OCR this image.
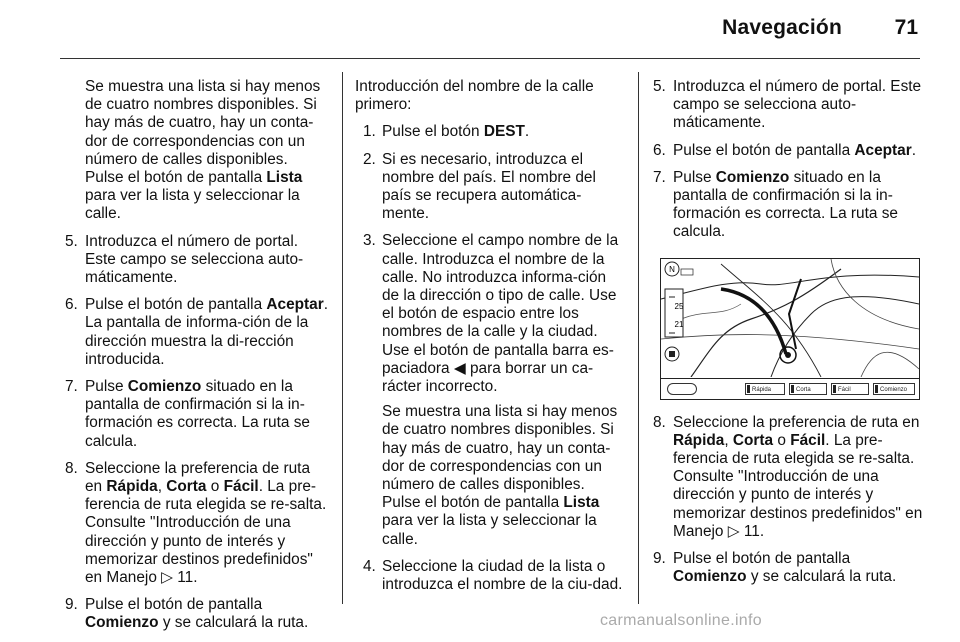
Navegación	71
Se muestra una lista si hay menos de cuatro nombres disponibles. Si hay más de cuatro, hay un conta-dor de correspondencias con un número de calles disponibles. Pulse el botón de pantalla Lista para ver la lista y seleccionar la calle.
5. Introduzca el número de portal. Este campo se selecciona auto-máticamente.
6. Pulse el botón de pantalla Aceptar. La pantalla de informa-ción de la dirección muestra la di-rección introducida.
7. Pulse Comienzo situado en la pantalla de confirmación si la in-formación es correcta. La ruta se calcula.
8. Seleccione la preferencia de ruta en Rápida, Corta o Fácil. La pre-ferencia de ruta elegida se re-salta. Consulte "Introducción de una dirección y punto de interés y memorizar destinos predefinidos" en Manejo ▷ 11.
9. Pulse el botón de pantalla Comienzo y se calculará la ruta.
Introducción del nombre de la calle primero:
1. Pulse el botón DEST.
2. Si es necesario, introduzca el nombre del país. El nombre del país se recupera automática-mente.
3. Seleccione el campo nombre de la calle. Introduzca el nombre de la calle. No introduzca informa-ción de la dirección o tipo de calle. Use el botón de espacio entre los nombres de la calle y la ciudad. Use el botón de pantalla barra es-paciadora ◀ para borrar un ca-rácter incorrecto.
Se muestra una lista si hay menos de cuatro nombres disponibles. Si hay más de cuatro, hay un conta-dor de correspondencias con un número de calles disponibles. Pulse el botón de pantalla Lista para ver la lista y seleccionar la calle.
4. Seleccione la ciudad de la lista o introduzca el nombre de la ciu-dad.
5. Introduzca el número de portal. Este campo se selecciona auto-máticamente.
6. Pulse el botón de pantalla Aceptar.
7. Pulse Comienzo situado en la pantalla de confirmación si la in-formación es correcta. La ruta se calcula.
N
25
21
Rápida	Corta	Fácil	Comienzo
8. Seleccione la preferencia de ruta en Rápida, Corta o Fácil. La pre-ferencia de ruta elegida se re-salta. Consulte "Introducción de una dirección y punto de interés y memorizar destinos predefinidos" en Manejo ▷ 11.
9. Pulse el botón de pantalla Comienzo y se calculará la ruta.
carmanualsonline.info
